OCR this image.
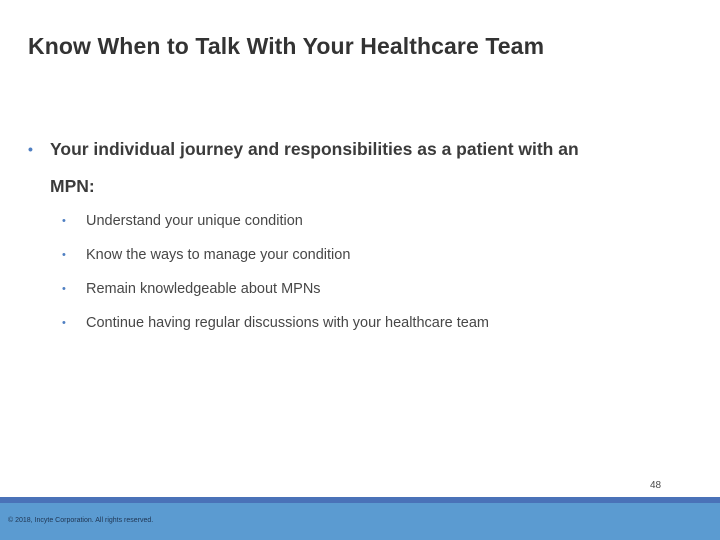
Know When to Talk With Your Healthcare Team
• Your individual journey and responsibilities as a patient with an MPN:
• Understand your unique condition
• Know the ways to manage your condition
• Remain knowledgeable about MPNs
• Continue having regular discussions with your healthcare team
48
© 2018, Incyte Corporation. All rights reserved.
